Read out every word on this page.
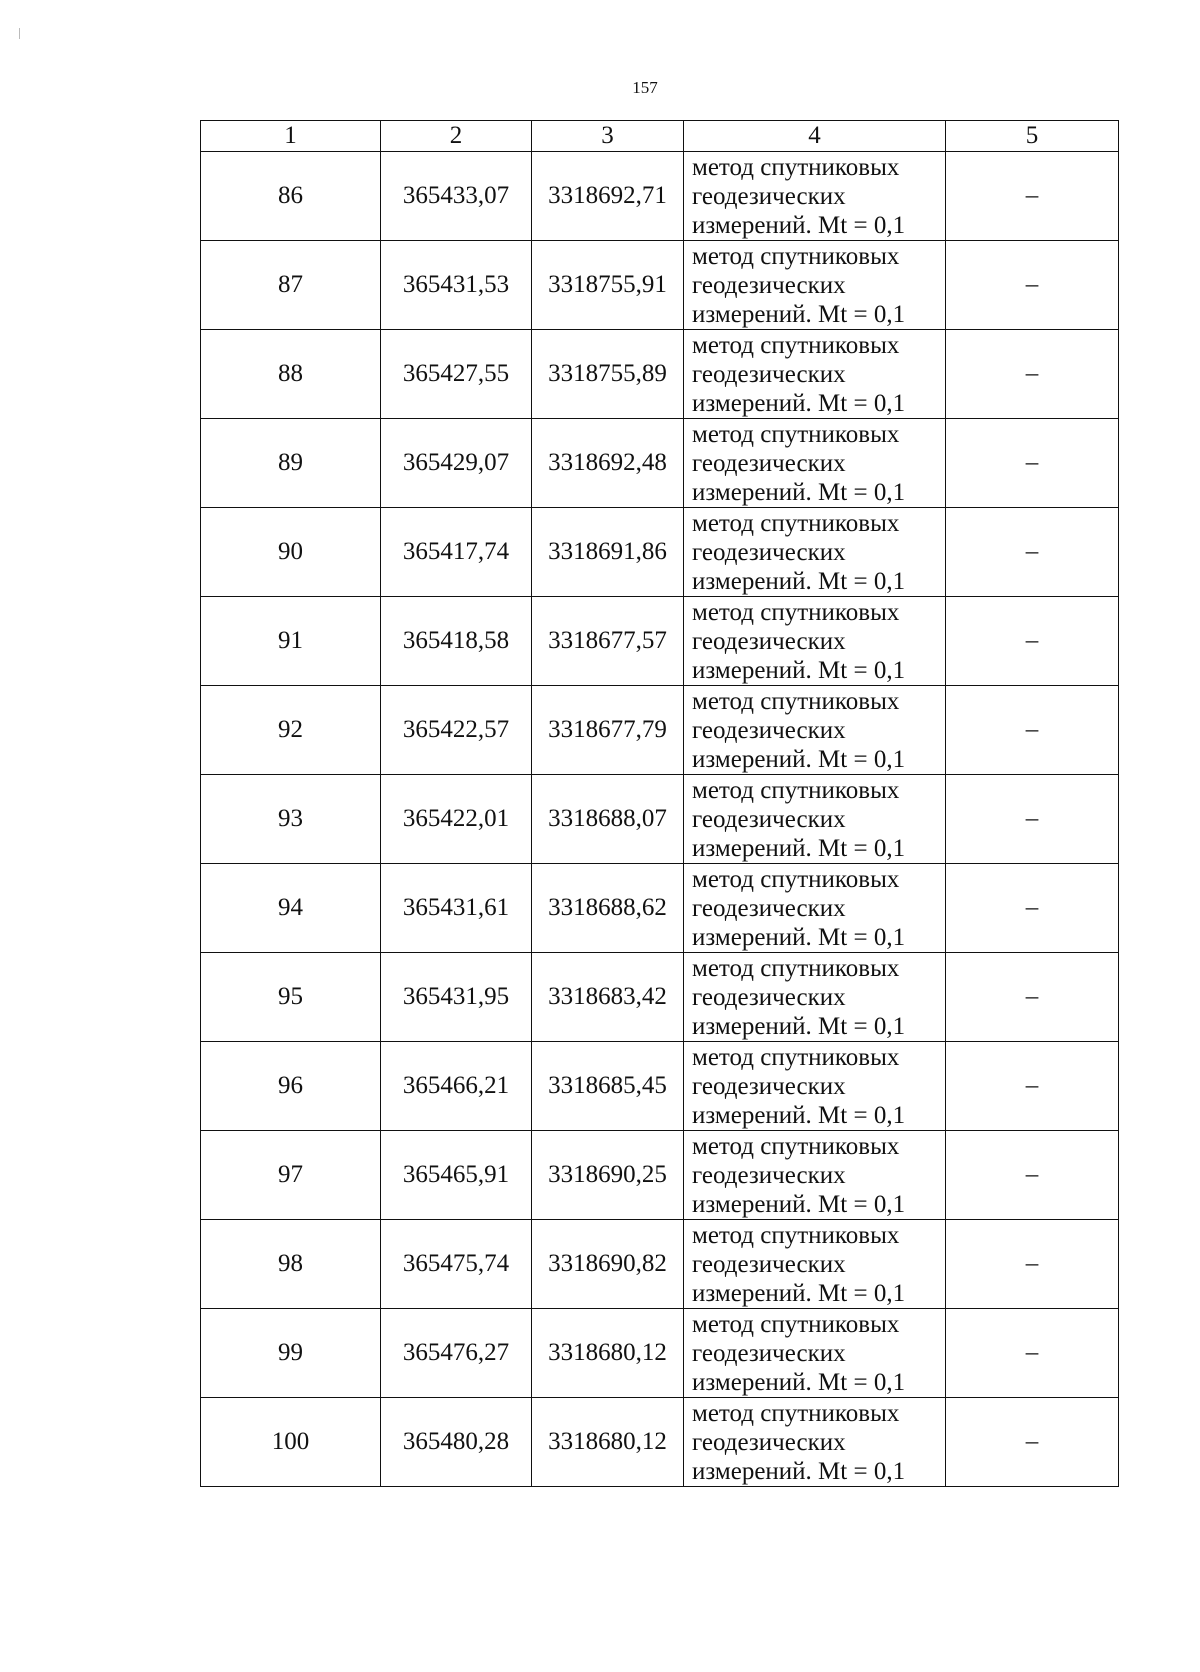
157
1	2	3	4	5
86	365433,07	3318692,71	метод спутниковых
геодезических
измерений. Mt = 0,1	–
87	365431,53	3318755,91	метод спутниковых
геодезических
измерений. Mt = 0,1	–
88	365427,55	3318755,89	метод спутниковых
геодезических
измерений. Mt = 0,1	–
89	365429,07	3318692,48	метод спутниковых
геодезических
измерений. Mt = 0,1	–
90	365417,74	3318691,86	метод спутниковых
геодезических
измерений. Mt = 0,1	–
91	365418,58	3318677,57	метод спутниковых
геодезических
измерений. Mt = 0,1	–
92	365422,57	3318677,79	метод спутниковых
геодезических
измерений. Mt = 0,1	–
93	365422,01	3318688,07	метод спутниковых
геодезических
измерений. Mt = 0,1	–
94	365431,61	3318688,62	метод спутниковых
геодезических
измерений. Mt = 0,1	–
95	365431,95	3318683,42	метод спутниковых
геодезических
измерений. Mt = 0,1	–
96	365466,21	3318685,45	метод спутниковых
геодезических
измерений. Mt = 0,1	–
97	365465,91	3318690,25	метод спутниковых
геодезических
измерений. Mt = 0,1	–
98	365475,74	3318690,82	метод спутниковых
геодезических
измерений. Mt = 0,1	–
99	365476,27	3318680,12	метод спутниковых
геодезических
измерений. Mt = 0,1	–
100	365480,28	3318680,12	метод спутниковых
геодезических
измерений. Mt = 0,1	–
